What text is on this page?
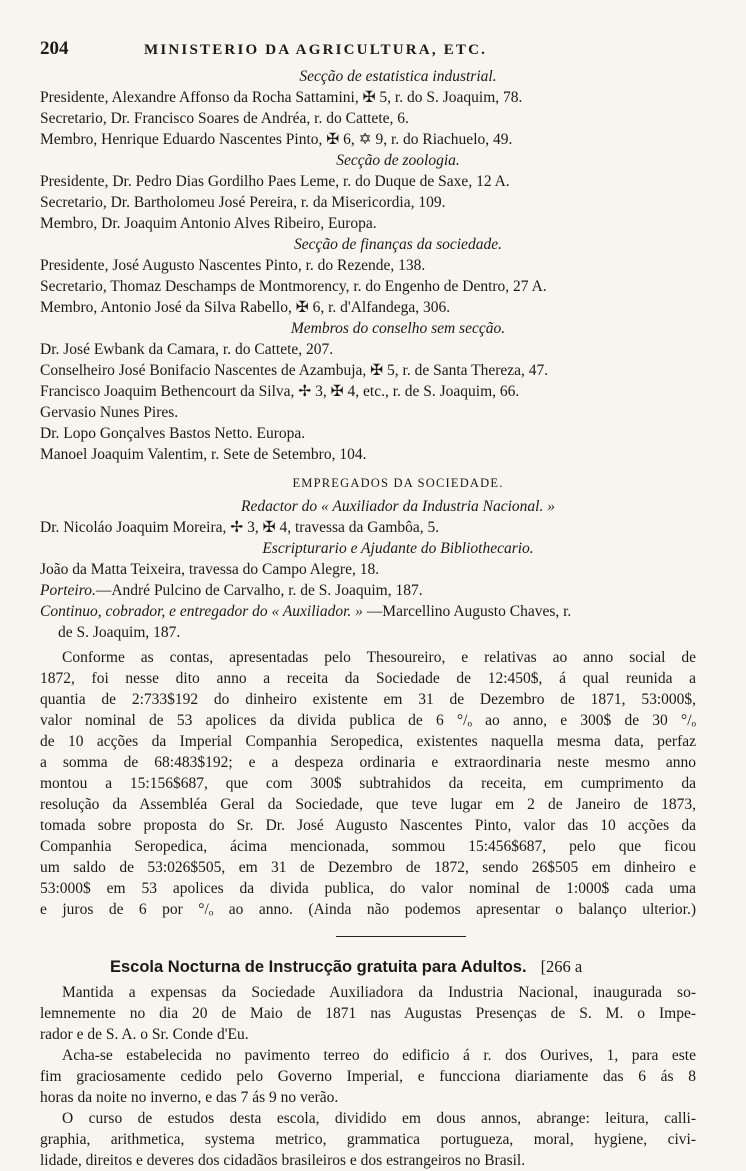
204	MINISTERIO DA AGRICULTURA, ETC.

Secção de estatistica industrial.

Presidente, Alexandre Affonso da Rocha Sattamini, ✠ 5, r. do S. Joaquim, 78.

Secretario, Dr. Francisco Soares de Andréa, r. do Cattete, 6.

Membro, Henrique Eduardo Nascentes Pinto, ✠ 6, ✡ 9, r. do Riachuelo, 49.

Secção de zoologia.

Presidente, Dr. Pedro Dias Gordilho Paes Leme, r. do Duque de Saxe, 12 A.

Secretario, Dr. Bartholomeu José Pereira, r. da Misericordia, 109.

Membro, Dr. Joaquim Antonio Alves Ribeiro, Europa.

Secção de finanças da sociedade.

Presidente, José Augusto Nascentes Pinto, r. do Rezende, 138.

Secretario, Thomaz Deschamps de Montmorency, r. do Engenho de Dentro, 27 A.

Membro, Antonio José da Silva Rabello, ✠ 6, r. d'Alfandega, 306.

Membros do conselho sem secção.

Dr. José Ewbank da Camara, r. do Cattete, 207.

Conselheiro José Bonifacio Nascentes de Azambuja, ✠ 5, r. de Santa Thereza, 47.

Francisco Joaquim Bethencourt da Silva, ✢ 3, ✠ 4, etc., r. de S. Joaquim, 66.

Gervasio Nunes Pires.

Dr. Lopo Gonçalves Bastos Netto. Europa.

Manoel Joaquim Valentim, r. Sete de Setembro, 104.

EMPREGADOS DA SOCIEDADE.

Redactor do « Auxiliador da Industria Nacional. »

Dr. Nicoláo Joaquim Moreira, ✢ 3, ✠ 4, travessa da Gambôa, 5.

Escripturario e Ajudante do Bibliothecario.

João da Matta Teixeira, travessa do Campo Alegre, 18.

Porteiro.—André Pulcino de Carvalho, r. de S. Joaquim, 187.

Continuo, cobrador, e entregador do « Auxiliador. » —Marcellino Augusto Chaves, r.

de S. Joaquim, 187.

Conforme as contas, apresentadas pelo Thesoureiro, e relativas ao anno social de

1872, foi nesse dito anno a receita da Sociedade de 12:450$, á qual reunida a

quantia de 2:733$192 do dinheiro existente em 31 de Dezembro de 1871, 53:000$,

valor nominal de 53 apolices da divida publica de 6 °/ₒ ao anno, e 300$ de 30 °/ₒ

de 10 acções da Imperial Companhia Seropedica, existentes naquella mesma data, perfaz

a somma de 68:483$192; e a despeza ordinaria e extraordinaria neste mesmo anno

montou a 15:156$687, que com 300$ subtrahidos da receita, em cumprimento da

resolução da Assembléa Geral da Sociedade, que teve lugar em 2 de Janeiro de 1873,

tomada sobre proposta do Sr. Dr. José Augusto Nascentes Pinto, valor das 10 acções da

Companhia Seropedica, ácima mencionada, sommou 15:456$687, pelo que ficou

um saldo de 53:026$505, em 31 de Dezembro de 1872, sendo 26$505 em dinheiro e

53:000$ em 53 apolices da divida publica, do valor nominal de 1:000$ cada uma

e juros de 6 por °/ₒ ao anno. (Ainda não podemos apresentar o balanço ulterior.)

Escola Nocturna de Instrucção gratuita para Adultos. [266 a

Mantida a expensas da Sociedade Auxiliadora da Industria Nacional, inaugurada so-

lemnemente no dia 20 de Maio de 1871 nas Augustas Presenças de S. M. o Impe-

rador e de S. A. o Sr. Conde d'Eu.

Acha-se estabelecida no pavimento terreo do edificio á r. dos Ourives, 1, para este

fim graciosamente cedido pelo Governo Imperial, e funcciona diariamente das 6 ás 8

horas da noite no inverno, e das 7 ás 9 no verão.

O curso de estudos desta escola, dividido em dous annos, abrange: leitura, calli-

graphia, arithmetica, systema metrico, grammatica portugueza, moral, hygiene, civi-

lidade, direitos e deveres dos cidadãos brasileiros e dos estrangeiros no Brasil.
